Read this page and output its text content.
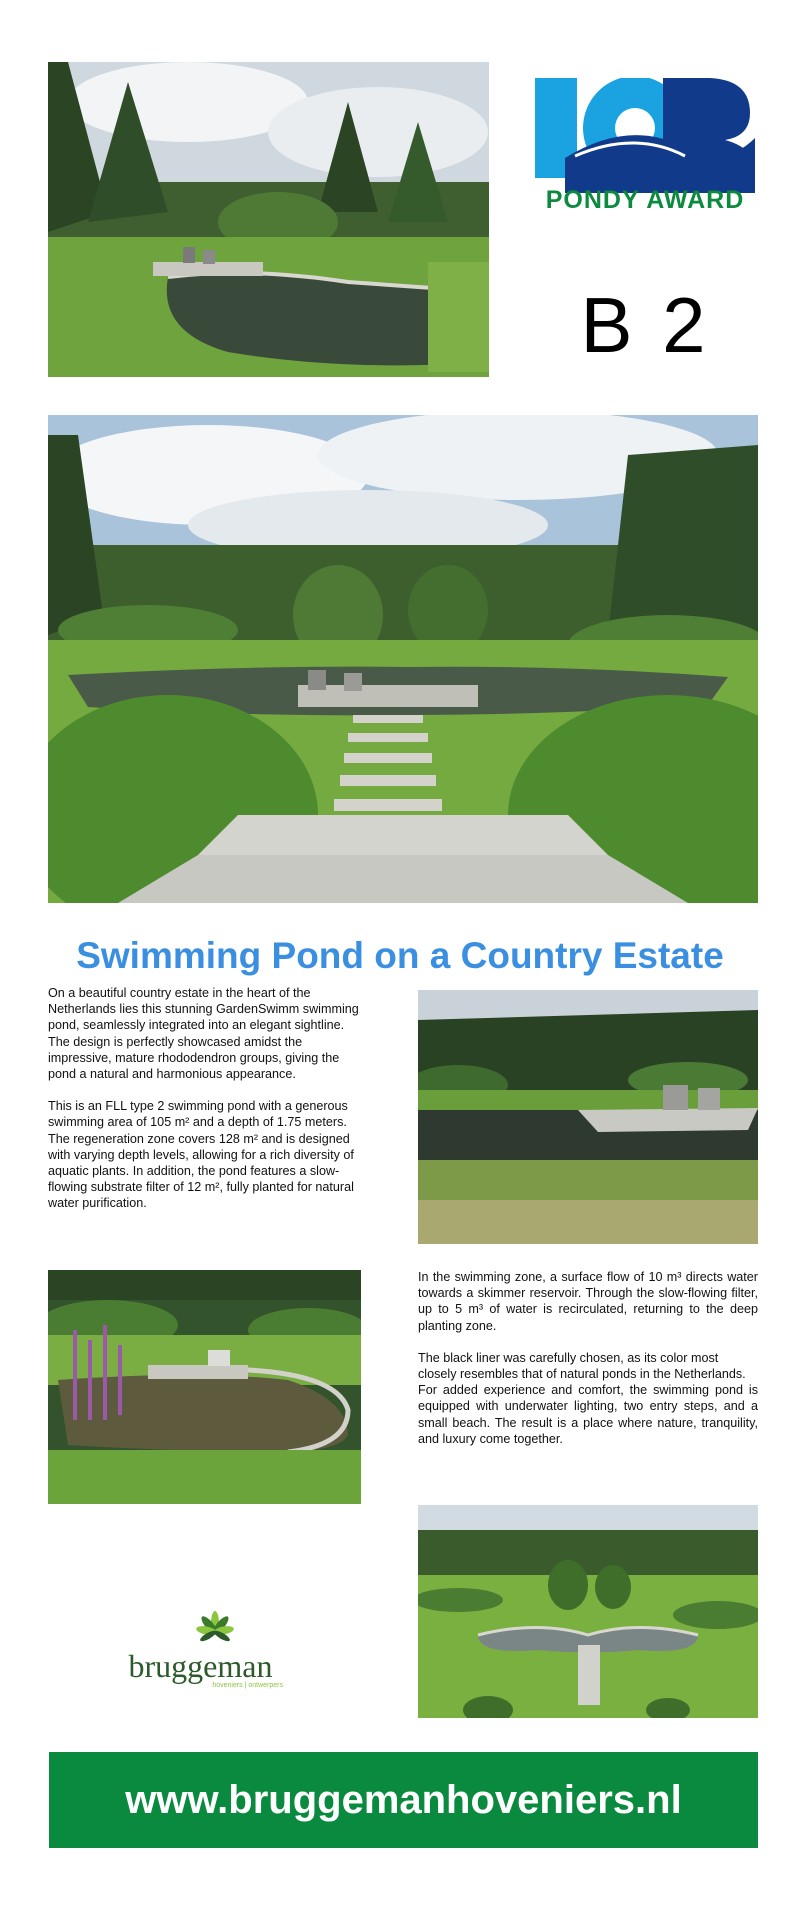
PONDY AWARD
B 2
Swimming Pond on a Country Estate

On a beautiful country estate in the heart of the Netherlands lies this stunning GardenSwimm swimming pond, seamlessly integrated into an elegant sightline. The design is perfectly showcased amidst the impressive, mature rhododendron groups, giving the pond a natural and harmonious appearance.

This is an FLL type 2 swimming pond with a generous swimming area of 105 m² and a depth of 1.75 meters. The regeneration zone covers 128 m² and is designed with varying depth levels, allowing for a rich diversity of aquatic plants. In addition, the pond features a slow-flowing substrate filter of 12 m², fully planted for natural water purification.

In the swimming zone, a surface flow of 10 m³ directs water towards a skimmer reservoir. Through the slow-flowing filter, up to 5 m³ of water is recirculated, returning to the deep planting zone.

The black liner was carefully chosen, as its color most closely resembles that of natural ponds in the Netherlands.

For added experience and comfort, the swimming pond is equipped with underwater lighting, two entry steps, and a small beach. The result is a place where nature, tranquility, and luxury come together.

bruggeman
hoveniers | ontwerpers
www.bruggemanhoveniers.nl
